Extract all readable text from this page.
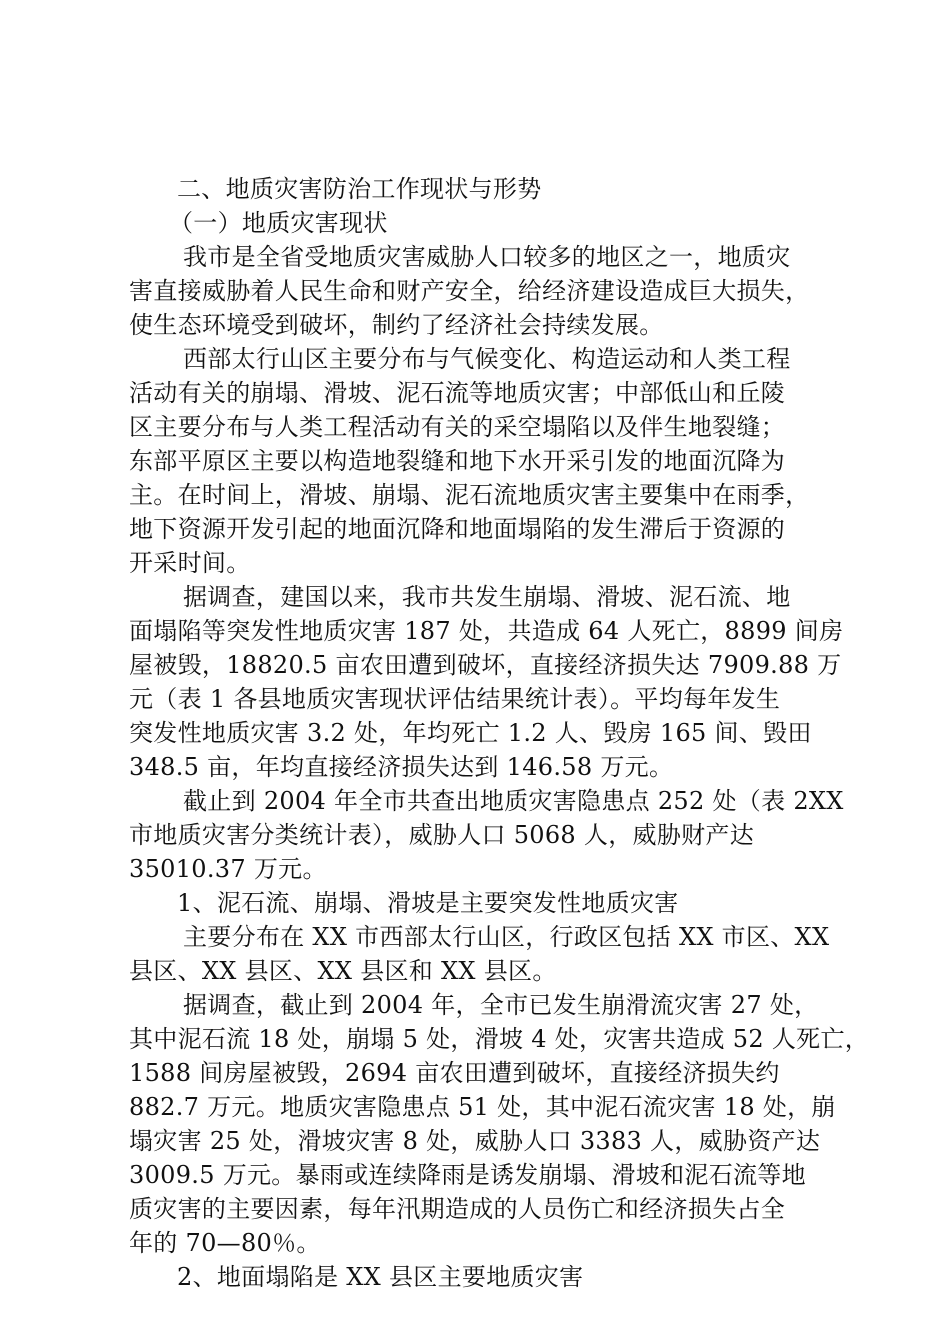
二、地质灾害防治工作现状与形势

（一）地质灾害现状

我市是全省受地质灾害威胁人口较多的地区之一，地质灾

害直接威胁着人民生命和财产安全，给经济建设造成巨大损失，

使生态环境受到破坏，制约了经济社会持续发展。

西部太行山区主要分布与气候变化、构造运动和人类工程

活动有关的崩塌、滑坡、泥石流等地质灾害；中部低山和丘陵

区主要分布与人类工程活动有关的采空塌陷以及伴生地裂缝；

东部平原区主要以构造地裂缝和地下水开采引发的地面沉降为

主。在时间上，滑坡、崩塌、泥石流地质灾害主要集中在雨季，

地下资源开发引起的地面沉降和地面塌陷的发生滞后于资源的

开采时间。

据调查，建国以来，我市共发生崩塌、滑坡、泥石流、地

面塌陷等突发性地质灾害 187 处，共造成 64 人死亡，8899 间房

屋被毁，18820.5 亩农田遭到破坏，直接经济损失达 7909.88 万

元（表 1 各县地质灾害现状评估结果统计表）。平均每年发生

突发性地质灾害 3.2 处，年均死亡 1.2 人、毁房 165 间、毁田

348.5 亩，年均直接经济损失达到 146.58 万元。

截止到 2004 年全市共查出地质灾害隐患点 252 处（表 2XX

市地质灾害分类统计表），威胁人口 5068 人，威胁财产达

35010.37 万元。

1、泥石流、崩塌、滑坡是主要突发性地质灾害

主要分布在 XX 市西部太行山区，行政区包括 XX 市区、XX

县区、XX 县区、XX 县区和 XX 县区。

据调查，截止到 2004 年，全市已发生崩滑流灾害 27 处，

其中泥石流 18 处，崩塌 5 处，滑坡 4 处，灾害共造成 52 人死亡，

1588 间房屋被毁，2694 亩农田遭到破坏，直接经济损失约

882.7 万元。地质灾害隐患点 51 处，其中泥石流灾害 18 处，崩

塌灾害 25 处，滑坡灾害 8 处，威胁人口 3383 人，威胁资产达

3009.5 万元。暴雨或连续降雨是诱发崩塌、滑坡和泥石流等地

质灾害的主要因素，每年汛期造成的人员伤亡和经济损失占全

年的 70—80％。

2、地面塌陷是 XX 县区主要地质灾害
